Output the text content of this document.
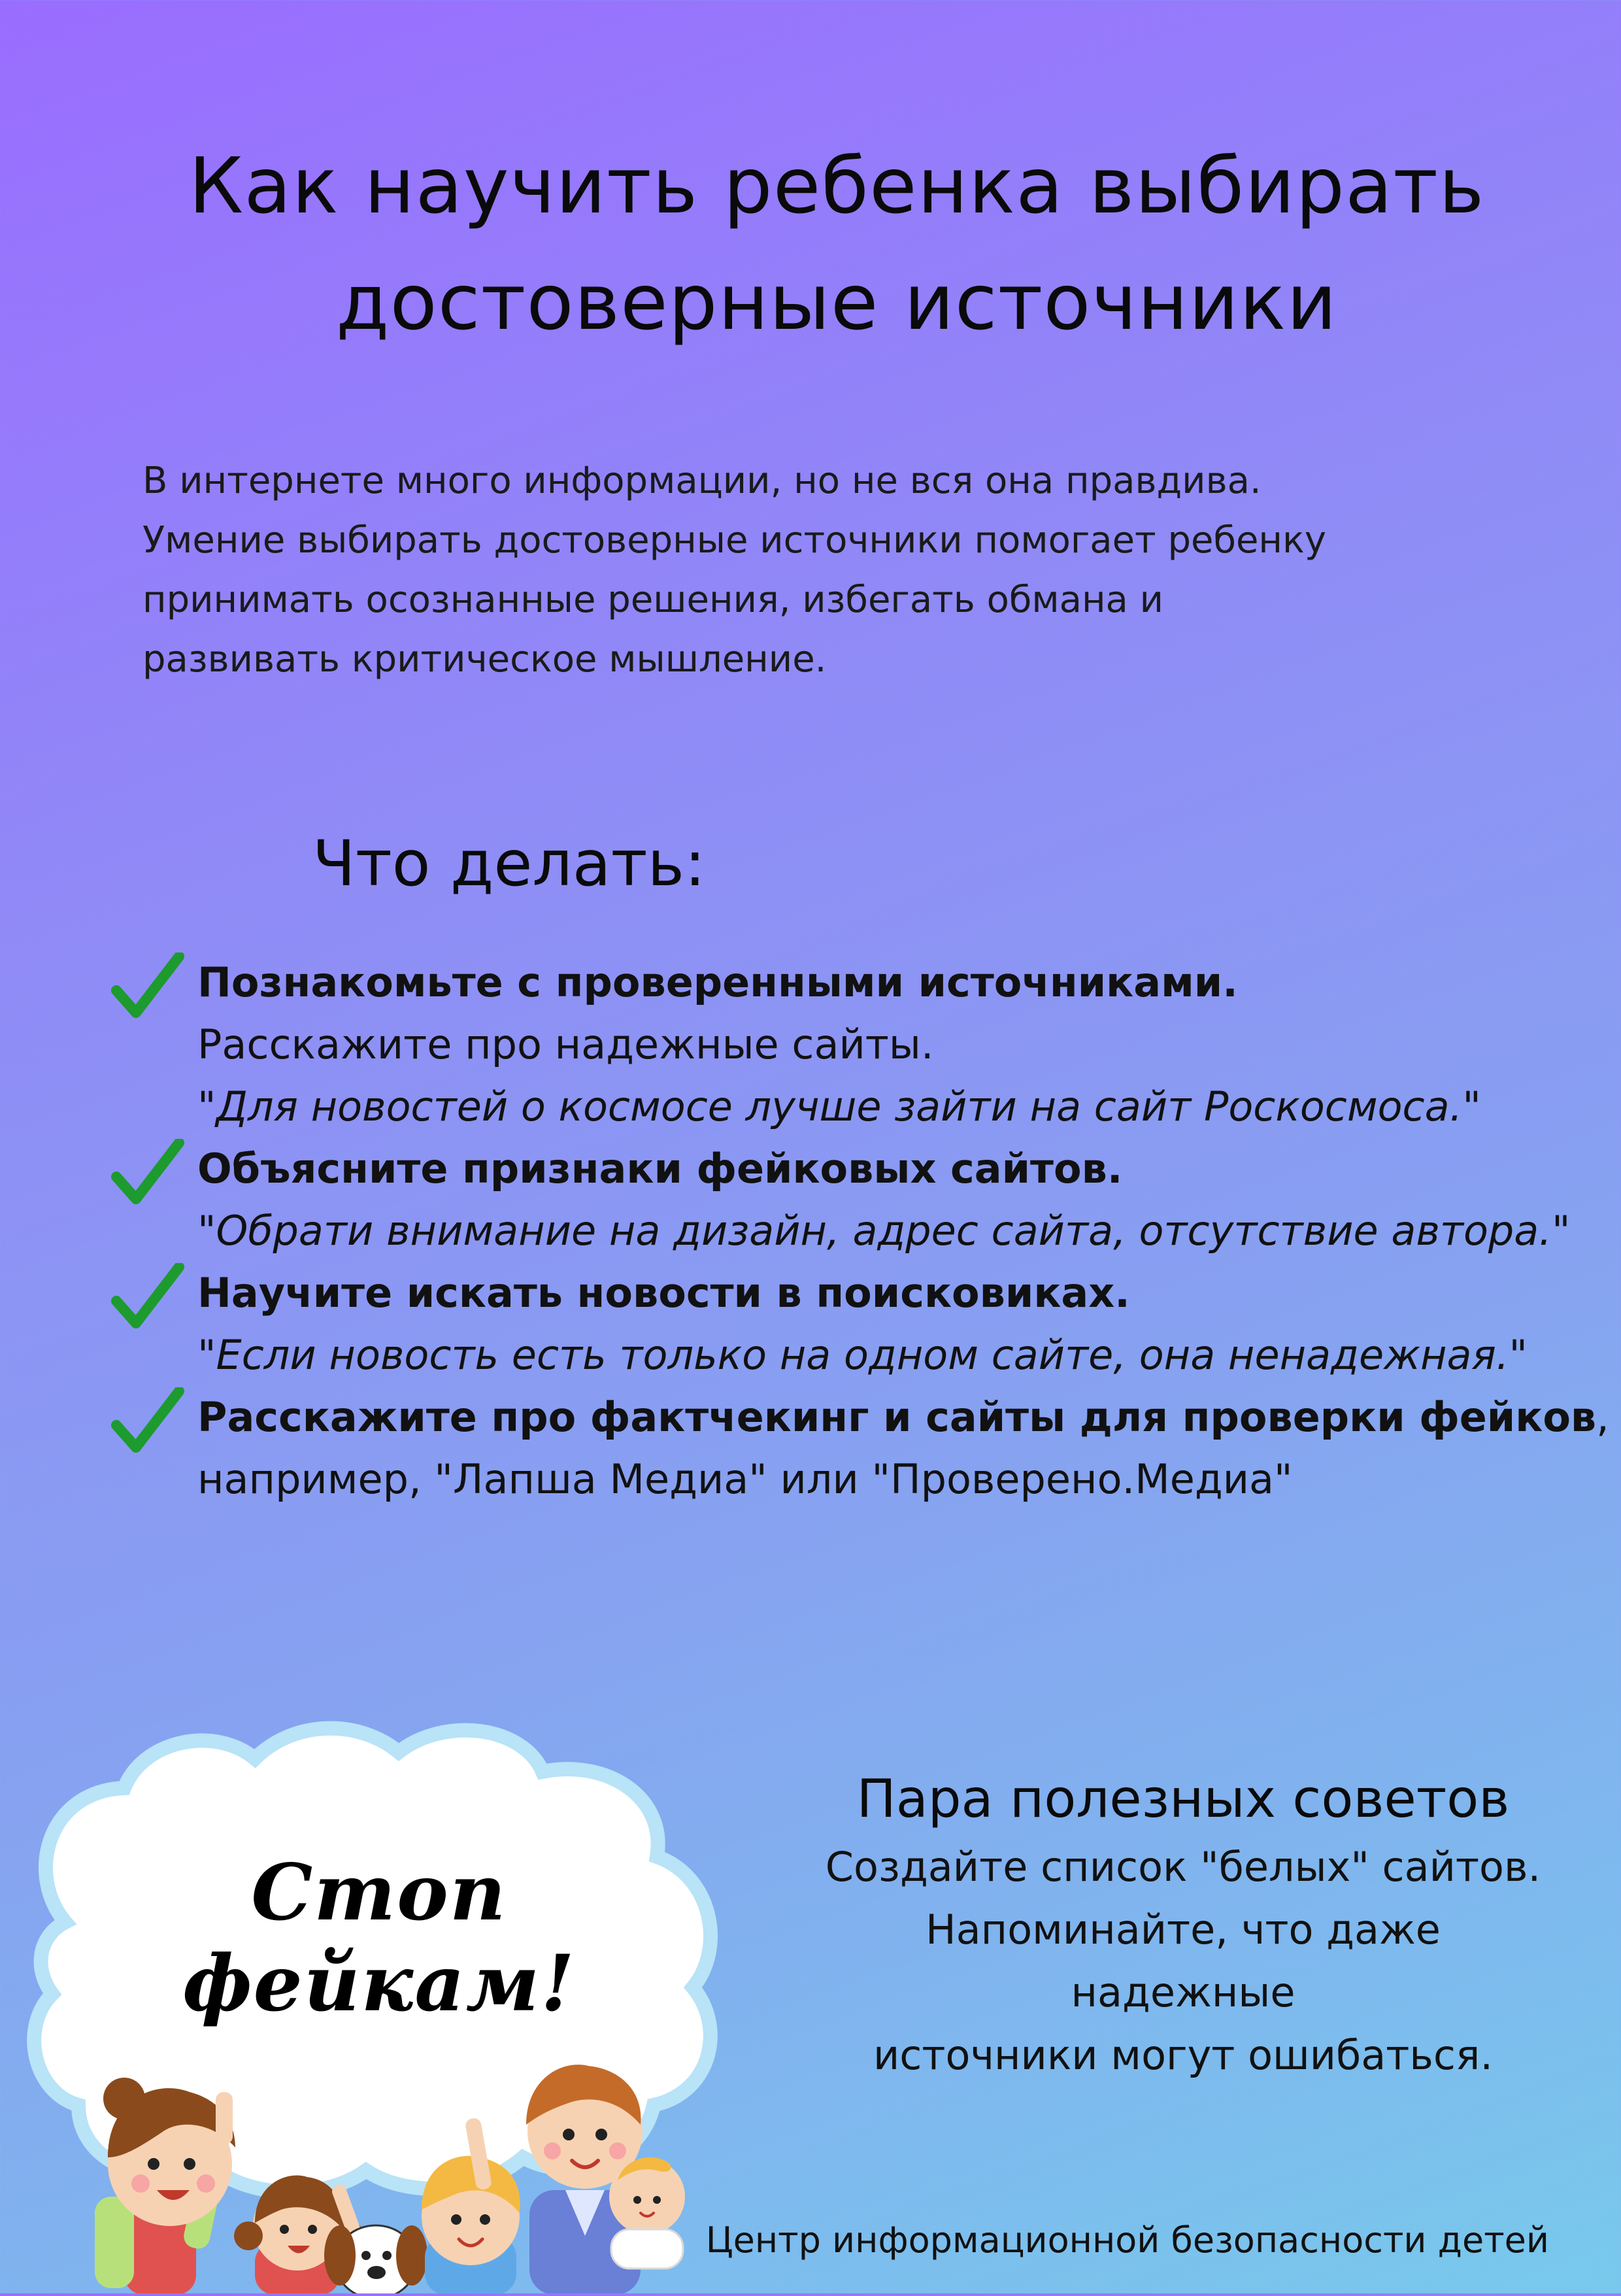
Как научить ребенка выбирать
достоверные источники
В интернете много информации, но не вся она правдива.
Умение выбирать достоверные источники помогает ребенку
принимать осознанные решения, избегать обмана и
развивать критическое мышление.
Что делать:
Познакомьте с проверенными источниками.
Расскажите про надежные сайты.
"Для новостей о космосе лучше зайти на сайт Роскосмоса."
Объясните признаки фейковых сайтов.
"Обрати внимание на дизайн, адрес сайта, отсутствие автора."
Научите искать новости в поисковиках.
"Если новость есть только на одном сайте, она ненадежная."
Расскажите про фактчекинг и сайты для проверки фейков,
например, "Лапша Медиа" или "Проверено.Медиа"
Стоп фейкам!
Пара полезных советов
Создайте список "белых" сайтов.
Напоминайте, что даже надежные
источники могут ошибаться.
Центр информационной безопасности детей
